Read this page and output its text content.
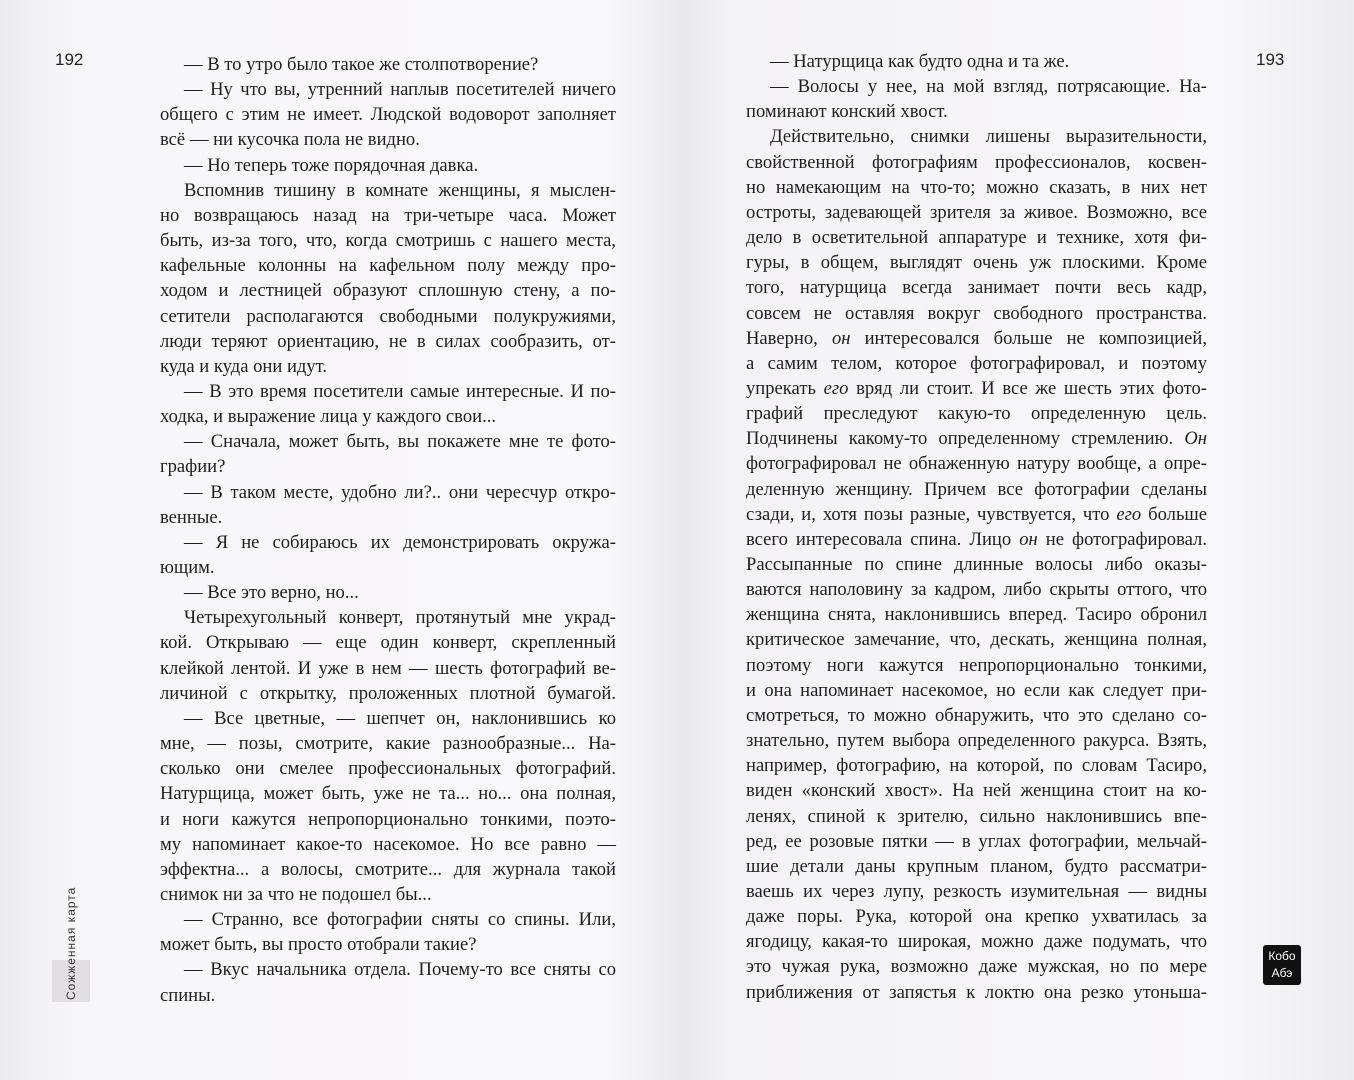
192	193
— В то утро было такое же столпотворение?
— Ну что вы, утренний наплыв посетителей ничего
общего с этим не имеет. Людской водоворот заполняет
всё — ни кусочка пола не видно.
— Но теперь тоже порядочная давка.
Вспомнив тишину в комнате женщины, я мыслен-
но возвращаюсь назад на три-четыре часа. Может
быть, из-за того, что, когда смотришь с нашего места,
кафельные колонны на кафельном полу между про-
ходом и лестницей образуют сплошную стену, а по-
сетители располагаются свободными полукружиями,
люди теряют ориентацию, не в силах сообразить, от-
куда и куда они идут.
— В это время посетители самые интересные. И по-
ходка, и выражение лица у каждого свои...
— Сначала, может быть, вы покажете мне те фото-
графии?
— В таком месте, удобно ли?.. они чересчур откро-
венные.
— Я не собираюсь их демонстрировать окружа-
ющим.
— Все это верно, но...
Четырехугольный конверт, протянутый мне украд-
кой. Открываю — еще один конверт, скрепленный
клейкой лентой. И уже в нем — шесть фотографий ве-
личиной с открытку, проложенных плотной бумагой.
— Все цветные, — шепчет он, наклонившись ко
мне, — позы, смотрите, какие разнообразные... На-
сколько они смелее профессиональных фотографий.
Натурщица, может быть, уже не та... но... она полная,
и ноги кажутся непропорционально тонкими, поэто-
му напоминает какое-то насекомое. Но все равно —
эффектна... а волосы, смотрите... для журнала такой
снимок ни за что не подошел бы...
— Странно, все фотографии сняты со спины. Или,
может быть, вы просто отобрали такие?
— Вкус начальника отдела. Почему-то все сняты со
спины.
— Натурщица как будто одна и та же.
— Волосы у нее, на мой взгляд, потрясающие. На-
поминают конский хвост.
Действительно, снимки лишены выразительности,
свойственной фотографиям профессионалов, косвен-
но намекающим на что-то; можно сказать, в них нет
остроты, задевающей зрителя за живое. Возможно, все
дело в осветительной аппаратуре и технике, хотя фи-
гуры, в общем, выглядят очень уж плоскими. Кроме
того, натурщица всегда занимает почти весь кадр,
совсем не оставляя вокруг свободного пространства.
Наверно, он интересовался больше не композицией,
а самим телом, которое фотографировал, и поэтому
упрекать его вряд ли стоит. И все же шесть этих фото-
графий преследуют какую-то определенную цель.
Подчинены какому-то определенному стремлению. Он
фотографировал не обнаженную натуру вообще, а опре-
деленную женщину. Причем все фотографии сделаны
сзади, и, хотя позы разные, чувствуется, что его больше
всего интересовала спина. Лицо он не фотографировал.
Рассыпанные по спине длинные волосы либо оказы-
ваются наполовину за кадром, либо скрыты оттого, что
женщина снята, наклонившись вперед. Тасиро обронил
критическое замечание, что, дескать, женщина полная,
поэтому ноги кажутся непропорционально тонкими,
и она напоминает насекомое, но если как следует при-
смотреться, то можно обнаружить, что это сделано со-
знательно, путем выбора определенного ракурса. Взять,
например, фотографию, на которой, по словам Тасиро,
виден «конский хвост». На ней женщина стоит на ко-
ленях, спиной к зрителю, сильно наклонившись впе-
ред, ее розовые пятки — в углах фотографии, мельчай-
шие детали даны крупным планом, будто рассматри-
ваешь их через лупу, резкость изумительная — видны
даже поры. Рука, которой она крепко ухватилась за
ягодицу, какая-то широкая, можно даже подумать, что
это чужая рука, возможно даже мужская, но по мере
приближения от запястья к локтю она резко утоньша-
Сожженная карта	Кобо
Абэ
